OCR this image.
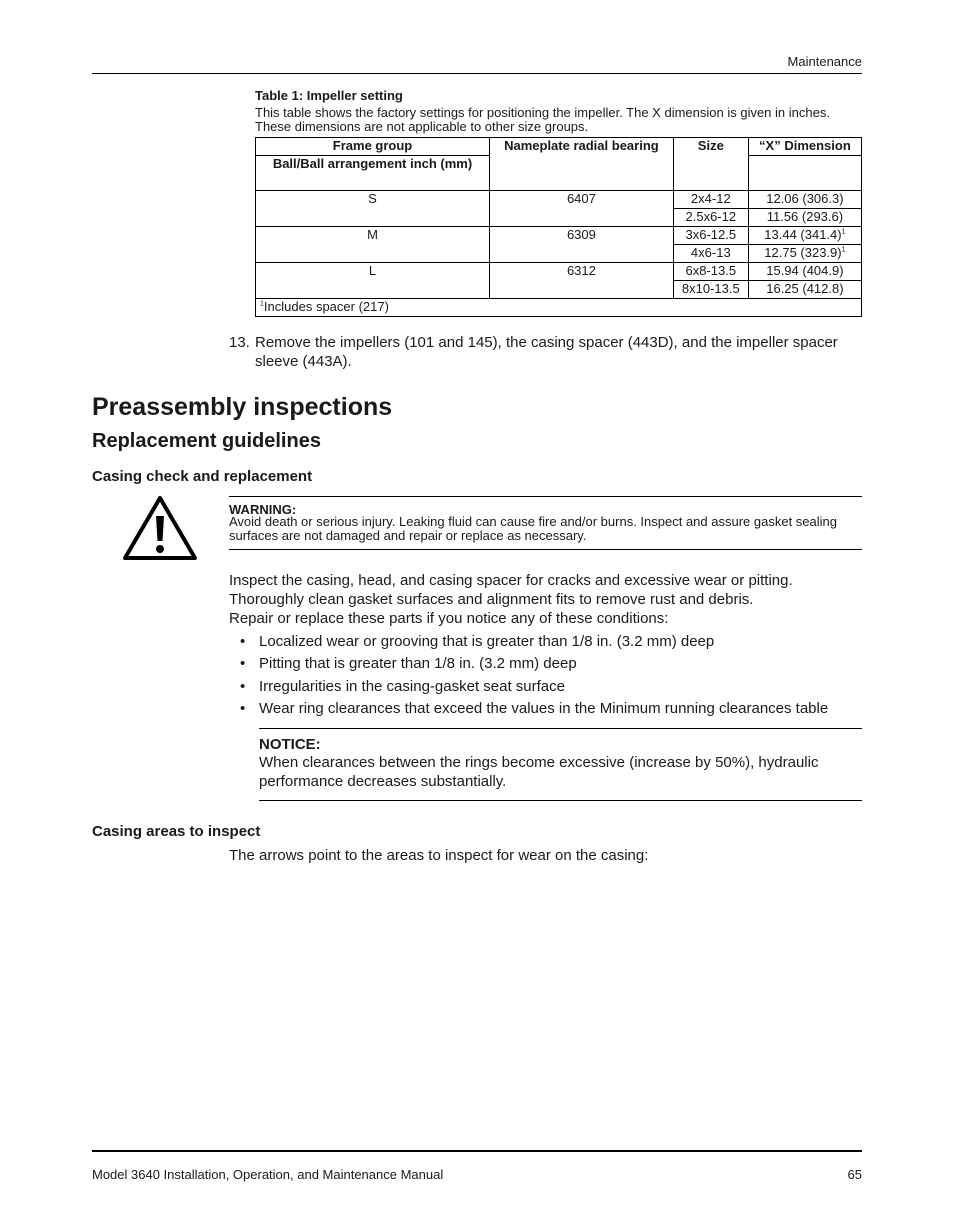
Maintenance
Table 1: Impeller setting
This table shows the factory settings for positioning the impeller. The X dimension is given in inches. These dimensions are not applicable to other size groups.
Frame group	Nameplate radial bearing	Size	“X” Dimension
Ball/Ball arrangement inch (mm)			
S	6407	2x4-12	12.06 (306.3)
		2.5x6-12	11.56 (293.6)
M	6309	3x6-12.5	13.44 $(341.4)^1$
		4x6-13	12.75 $(323.9)^1$
L	6312	6x8-13.5	15.94 (404.9)
		8x10-13.5	16.25 (412.8)
$^1$Includes spacer (217)			
13. Remove the impellers (101 and 145), the casing spacer (443D), and the impeller spacer sleeve (443A).
Preassembly inspections
Replacement guidelines
Casing check and replacement
WARNING:
Avoid death or serious injury. Leaking fluid can cause fire and/or burns. Inspect and assure gasket sealing surfaces are not damaged and repair or replace as necessary.
Inspect the casing, head, and casing spacer for cracks and excessive wear or pitting. Thoroughly clean gasket surfaces and alignment fits to remove rust and debris.
Repair or replace these parts if you notice any of these conditions:
• Localized wear or grooving that is greater than 1/8 in. (3.2 mm) deep
• Pitting that is greater than 1/8 in. (3.2 mm) deep
• Irregularities in the casing-gasket seat surface
• Wear ring clearances that exceed the values in the Minimum running clearances table
NOTICE:
When clearances between the rings become excessive (increase by 50%), hydraulic performance decreases substantially.
Casing areas to inspect
The arrows point to the areas to inspect for wear on the casing:
Model 3640 Installation, Operation, and Maintenance Manual	65
